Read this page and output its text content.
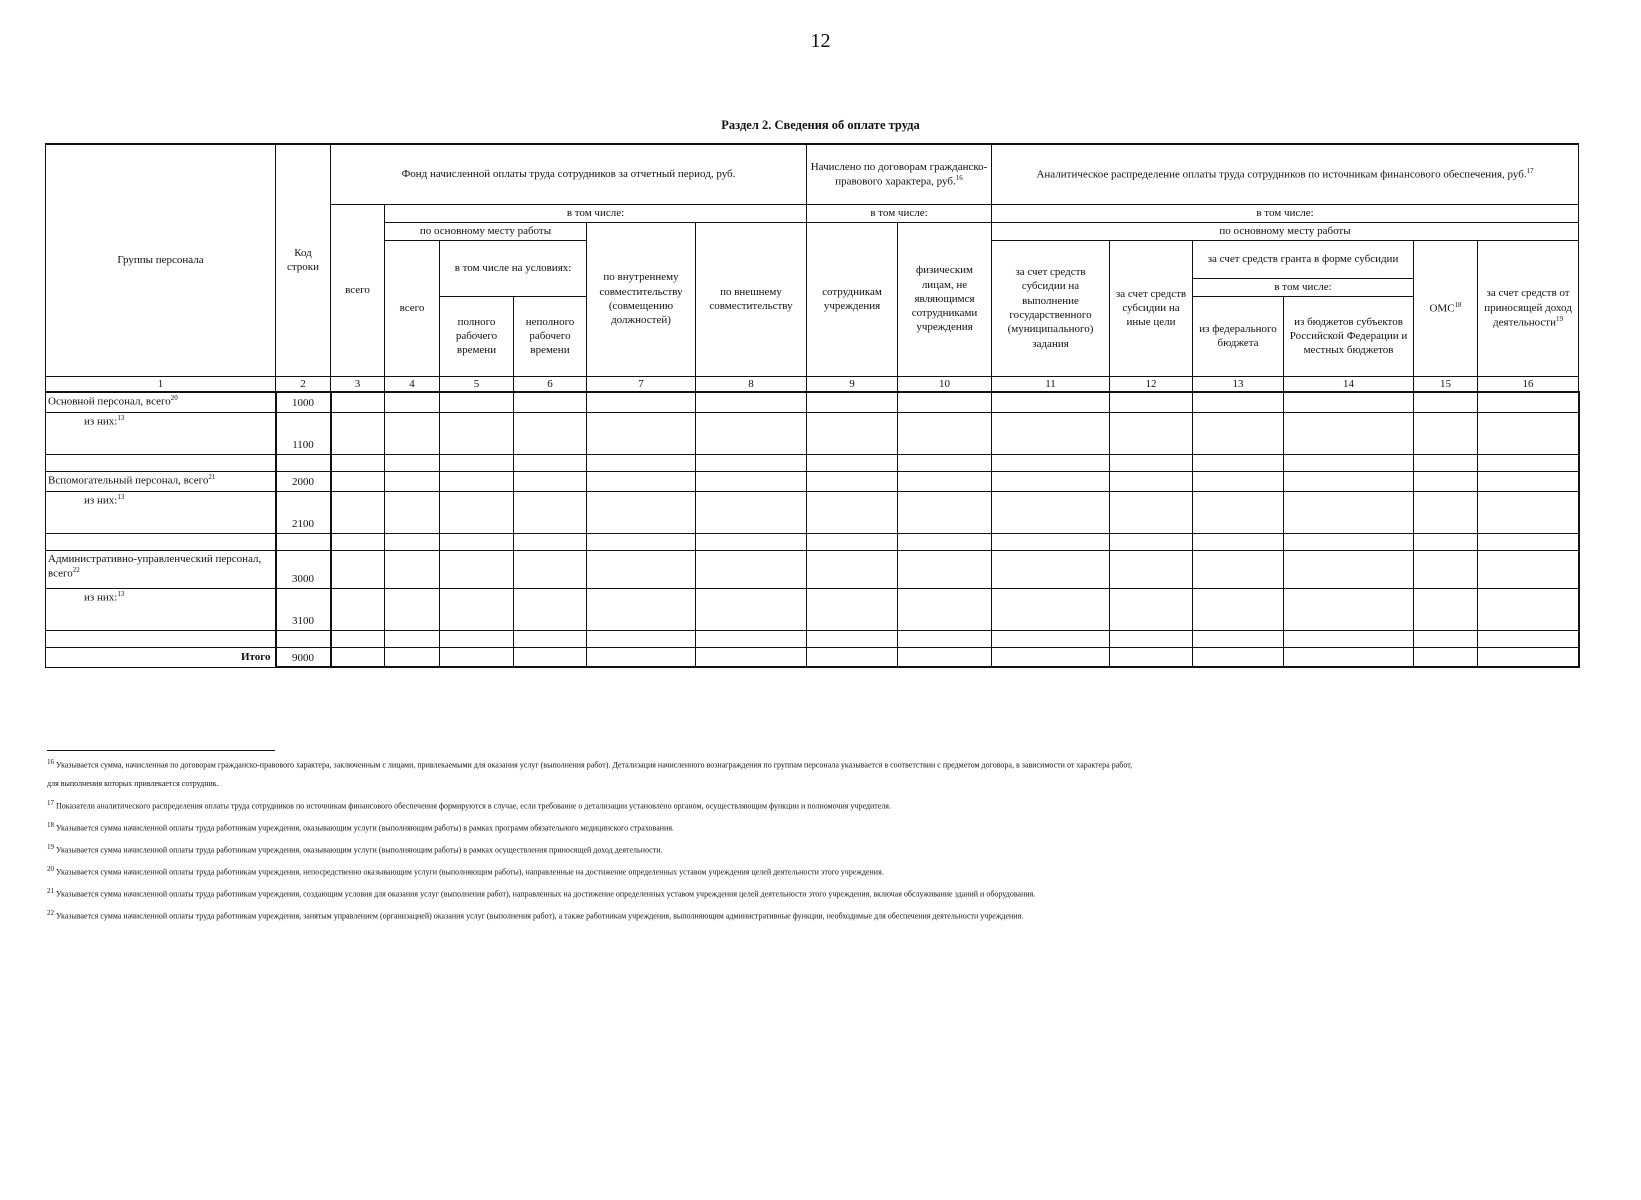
12
Раздел 2. Сведения об оплате труда
Группы персонала	Код строки	Фонд начисленной оплаты труда сотрудников за отчетный период, руб.						Начислено по договорам гражданско-правового характера, руб.$^{16}$		Аналитическое распределение оплаты труда сотрудников по источникам финансового обеспечения, руб.$^{17}$
		всего	в том числе:					в том числе:		в том числе:					
			по основному месту работы			по внутреннему совместительству (совмещению должностей)	по внешнему совместительству	сотрудникам учреждения	физическим лицам, не являющимся сотрудниками учреждения	по основному месту работы					
			всего	в том числе на условиях:						за счет средств субсидии на выполнение государственного (муниципального) задания	за счет средств субсидии на иные цели	за счет средств гранта в форме субсидии		ОМС$^{18}$	за счет средств от приносящей доход деятельности$^{19}$
												в том числе:			
				полного рабочего времени	неполного рабочего времени							из федерального бюджета	из бюджетов субъектов Российской Федерации и местных бюджетов		

1	2	3	4	5	6	7	8	9	10	11	12	13	14	15	16
Основной персонал, всего$^{20}$	1000														
из них:$^{13}$	1100														

Вспомогательный персонал, всего$^{21}$	2000														
из них:$^{13}$	2100														

Административно-управленческий персонал, всего$^{22}$	3000														
из них:$^{13}$	3100														

Итого	9000														

$^{16}$ Указывается сумма, начисленная по договорам гражданско-правового характера, заключенным с лицами, привлекаемыми для оказания услуг (выполнения работ). Детализация начисленного вознаграждения по группам персонала указывается в соответствии с предметом договора, в зависимости от характера работ,

для выполнения которых привлекается сотрудник.

$^{17}$ Показатели аналитического распределения оплаты труда сотрудников по источникам финансового обеспечения формируются в случае, если требование о детализации установлено органом, осуществляющим функции и полномочия учредителя.

$^{18}$ Указывается сумма начисленной оплаты труда работникам учреждения, оказывающим услуги (выполняющим работы) в рамках программ обязательного медицинского страхования.

$^{19}$ Указывается сумма начисленной оплаты труда работникам учреждения, оказывающим услуги (выполняющим работы) в рамках осуществления приносящей доход деятельности.

$^{20}$ Указывается сумма начисленной оплаты труда работникам учреждения, непосредственно оказывающим услуги (выполняющим работы), направленные на достижение определенных уставом учреждения целей деятельности этого учреждения.

$^{21}$ Указывается сумма начисленной оплаты труда работникам учреждения, создающим условия для оказания услуг (выполнения работ), направленных на достижение определенных уставом учреждения целей деятельности этого учреждения, включая обслуживание зданий и оборудования.

$^{22}$ Указывается сумма начисленной оплаты труда работникам учреждения, занятым управлением (организацией) оказания услуг (выполнения работ), а также работникам учреждения, выполняющим административные функции, необходимые для обеспечения деятельности учреждения.
